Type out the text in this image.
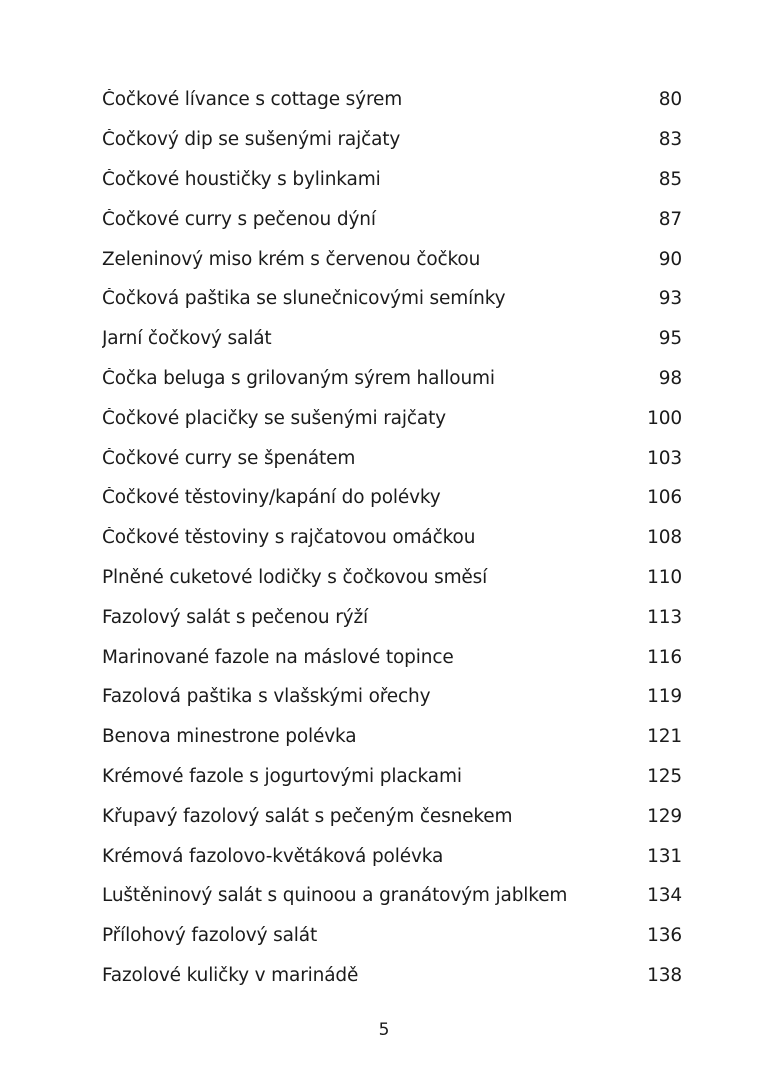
Čočkové lívance s cottage sýrem	80
Čočkový dip se sušenými rajčaty	83
Čočkové houstičky s bylinkami	85
Čočkové curry s pečenou dýní	87
Zeleninový miso krém s červenou čočkou	90
Čočková paštika se slunečnicovými semínky	93
Jarní čočkový salát	95
Čočka beluga s grilovaným sýrem halloumi	98
Čočkové placičky se sušenými rajčaty	100
Čočkové curry se špenátem	103
Čočkové těstoviny/kapání do polévky	106
Čočkové těstoviny s rajčatovou omáčkou	108
Plněné cuketové lodičky s čočkovou směsí	110
Fazolový salát s pečenou rýží	113
Marinované fazole na máslové topince	116
Fazolová paštika s vlašskými ořechy	119
Benova minestrone polévka	121
Krémové fazole s jogurtovými plackami	125
Křupavý fazolový salát s pečeným česnekem	129
Krémová fazolovo-květáková polévka	131
Luštěninový salát s quinoou a granátovým jablkem	134
Přílohový fazolový salát	136
Fazolové kuličky v marinádě	138
5
